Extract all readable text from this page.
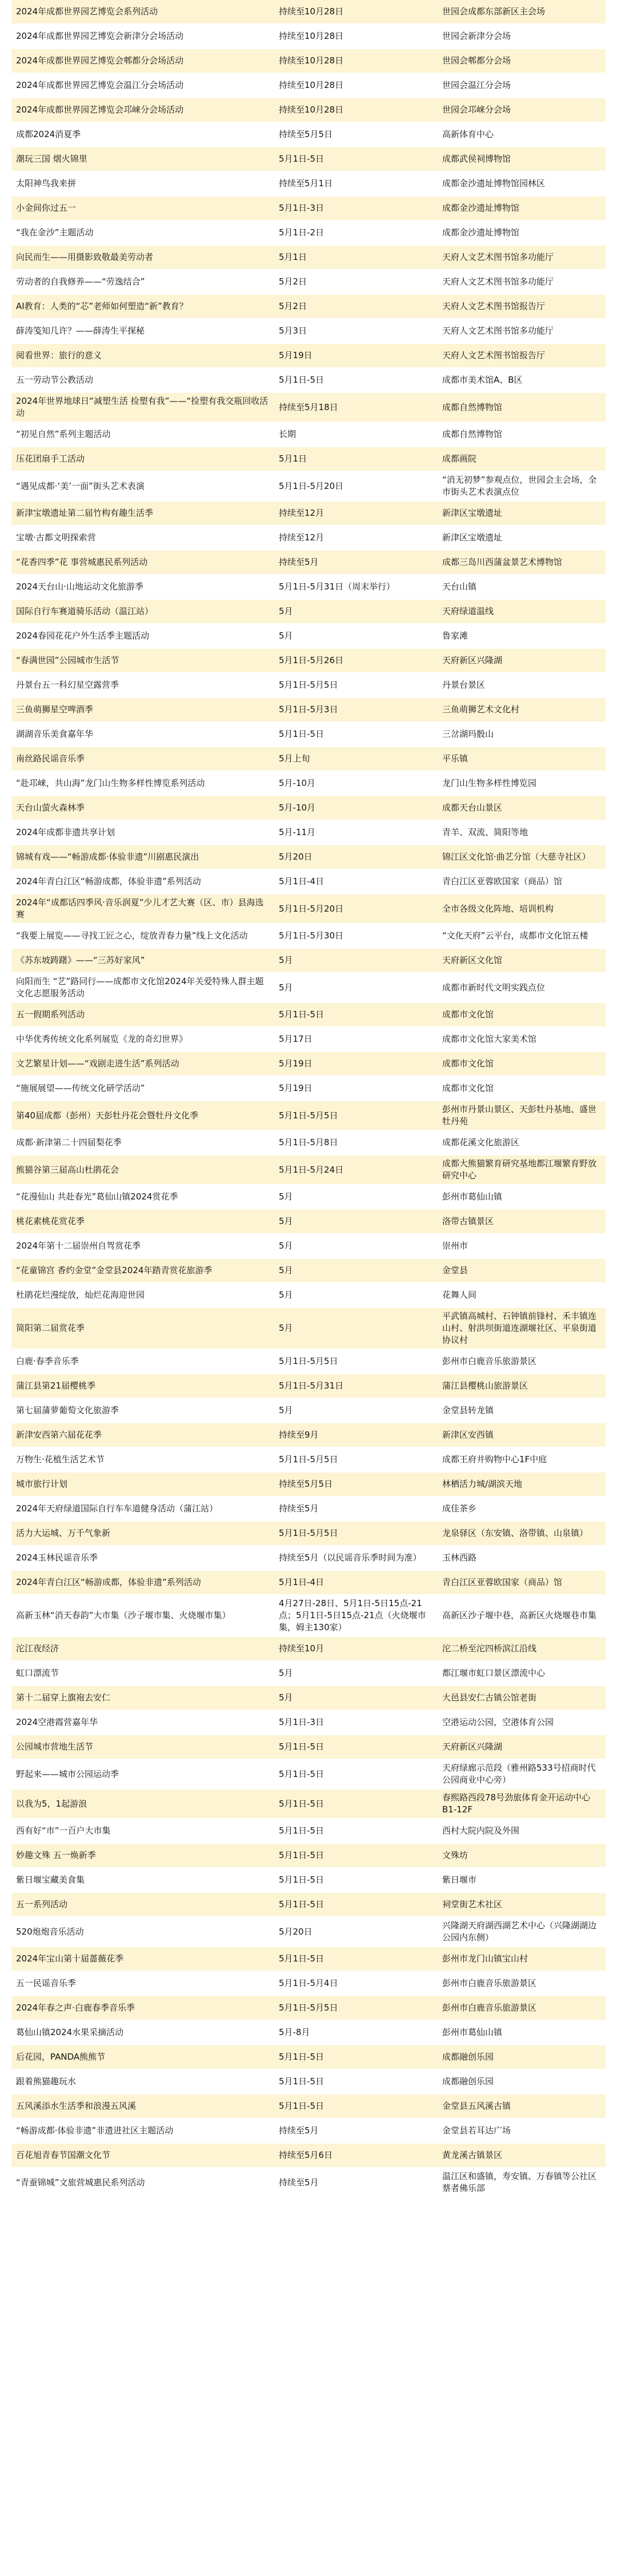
2024年成都世界园艺博览会系列活动	持续至10月28日	世园会成都东部新区主会场
2024年成都世界园艺博览会新津分会场活动	持续至10月28日	世园会新津分会场
2024年成都世界园艺博览会郫都分会场活动	持续至10月28日	世园会郫都分会场
2024年成都世界园艺博览会温江分会场活动	持续至10月28日	世园会温江分会场
2024年成都世界园艺博览会邛崃分会场活动	持续至10月28日	世园会邛崃分会场
成都2024消夏季	持续至5月5日	高新体育中心
潮玩三国 熠火锦里	5月1日-5日	成都武侯祠博物馆
太阳神鸟我来拼	持续至5月1日	成都金沙遗址博物馆园林区
小金间你过五一	5月1日-3日	成都金沙遗址博物馆
“我在金沙”主题活动	5月1日-2日	成都金沙遗址博物馆
向民而生——用摄影致敬最美劳动者	5月1日	天府人文艺术图书馆多功能厅
劳动者的自我修养——“劳逸结合”	5月2日	天府人文艺术图书馆多功能厅
AI教育：人类的“芯”老师如何塑造“新”教育？	5月2日	天府人文艺术图书馆报告厅
薛涛笺知几许？——薛涛生平探秘	5月3日	天府人文艺术图书馆多功能厅
阅看世界：旅行的意义	5月19日	天府人文艺术图书馆报告厅
五一劳动节公教活动	5月1日-5日	成都市美术馆A、B区
2024年世界地球日“减塑生活 捡塑有我”——“捡塑有我交瓶回收活动	持续至5月18日	成都自然博物馆
“初见自然”系列主题活动	长期	成都自然博物馆
压花团扇手工活动	5月1日	成都画院
“遇见成都·‘美’一面”街头艺术表演	5月1日-5月20日	“消无初梦”参观点位，世园会主会场，全市街头艺术表演点位
新津宝墩遗址第二届竹构有趣生活季	持续至12月	新津区宝墩遗址
宝墩·古都文明探索营	持续至12月	新津区宝墩遗址
“花香四季”花 事营城惠民系列活动	持续至5月	成都三岛川西蒲盆景艺术博物馆
2024天台山·山地运动文化旅游季	5月1日-5月31日（周末举行）	天台山镇
国际自行车赛道骑乐活动（温江站）	5月	天府绿道温线
2024春园花花户外生活季主题活动	5月	鲁家滩
“春满世园”公园城市生活节	5月1日-5月26日	天府新区兴隆湖
丹景台五一科幻星空露营季	5月1日-5月5日	丹景台景区
三鱼萌狮星空啤酒季	5月1日-5月3日	三鱼萌狮艺术文化村
湖湖音乐美食嘉年华	5月1日-5日	三岔湖玛骰山
南丝路民谣音乐季	5月上旬	平乐镇
“赴邛崃，共山海”龙门山生物多样性博览系列活动	5月-10月	龙门山生物多样性博览园
天台山萤火森林季	5月-10月	成都天台山景区
2024年成都非遗共享计划	5月-11月	青羊、双流、简阳等地
锦城有戏——“畅游成都·体验非遗”川剧惠民演出	5月20日	锦江区文化馆·曲艺分馆（大慈寺社区）
2024年青白江区“畅游成都，体验非遗”系列活动	5月1日-4日	青白江区亚蓉欧国家（商品）馆
2024年“成都话四季风·音乐润夏”少儿才艺大赛（区、市）县海选赛	5月1日-5月20日	全市各级文化阵地、培训机构
“我要上展览——寻找工匠之心，绽放青春力量”线上文化活动	5月1日-5月30日	“文化天府”云平台，成都市文化馆五楼
《苏东坡踌躇》——“三苏好家风”	5月	天府新区文化馆
向阳而生 “艺”路同行——成都市文化馆2024年关爱特殊人群主题文化志愿服务活动	5月	成都市新时代文明实践点位
五一假期系列活动	5月1日-5日	成都市文化馆
中华优秀传统文化系列展览《龙的奇幻世界》	5月17日	成都市文化馆大家美术馆
文艺繁星计划——“戏剧走进生活”系列活动	5月19日	成都市文化馆
“施展展望——传统文化研学活动”	5月19日	成都市文化馆
第40届成都（彭州）天彭牡丹花会暨牡丹文化季	5月1日-5月5日	彭州市丹景山景区、天彭牡丹基地、盛世牡丹苑
成都·新津第二十四届梨花季	5月1日-5月8日	成都花溪文化旅游区
熊猫谷第三届高山杜鹃花会	5月1日-5月24日	成都大熊猫繁育研究基地都江堰繁育野放研究中心
“花漫仙山 共赴春光”葛仙山镇2024赏花季	5月	彭州市葛仙山镇
桃花素桃花赏花季	5月	洛带古镇景区
2024年第十二届崇州自驾赏花季	5月	崇州市
“花童锦宫 香约金堂”金堂县2024年踏青赏花旅游季	5月	金堂县
杜鹃花烂漫绽放，灿烂花海迎世园	5月	花舞人间
简阳第二届赏花季	5月	平武镇高城村、石钟镇前锋村、禾丰镇连山村、射洪坝街道连湖堰社区、平泉街道协议村
白鹿·春季音乐季	5月1日-5月5日	彭州市白鹿音乐旅游景区
蒲江县第21届樱桃季	5月1日-5月31日	蒲江县樱桃山旅游景区
第七届蒲萝葡萄文化旅游季	5月	金堂县转龙镇
新津安西第六届花花季	持续至9月	新津区安西镇
万物生·花植生活艺术节	5月1日-5月5日	成都王府井购物中心1F中庭
城市旅行计划	持续至5月5日	林栖活力城/湖滨天地
2024年天府绿道国际自行车车道健身活动（蒲江站）	持续至5月	成佳茶乡
活力大运城、万千气象新	5月1日-5月5日	龙泉驿区（东安镇、洛带镇、山泉镇）
2024玉林民谣音乐季	持续至5月（以民谣音乐季时间为准）	玉林西路
2024年青白江区“畅游成都，体验非遗”系列活动	5月1日-4日	青白江区亚蓉欧国家（商品）馆
高新玉林“消天春韵”大市集（沙子堰市集、火烧堰市集）	4月27日-28日、5月1日-5日15点-21点；5月1日-5日15点-21点（火烧堰市集，姆主130家）	高新区沙子堰中巷，高新区火烧堰巷市集
沱江夜经济	持续至10月	沱二桥至沱四桥滨江沿线
虹口漂流节	5月	都江堰市虹口景区漂流中心
第十二届穿上旗袍去安仁	5月	大邑县安仁古镇公馆老街
2024空港霞营嘉年华	5月1日-3日	空港运动公园，空港体育公园
公园城市营地生活节	5月1日-5日	天府新区兴隆湖
野起来——城市公园运动季	5月1日-5日	天府绿廊示范段（雅州路533号招商时代公园商业中心旁）
以我为5，1起游浪	5月1日-5日	春熙路西段78号劲旅体育金开运动中心B1-12F
西有好“市”一百户大市集	5月1日-5日	西村大院内院及外围
妙趣文殊 五一焕新季	5月1日-5日	文殊坊
紫日堰宝藏美食集	5月1日-5日	紫日堰市
五一系列活动	5月1日-5日	祠堂街艺术社区
520炮炮音乐活动	5月20日	兴隆湖天府湖西湖艺术中心（兴隆湖湖边公园内东侧）
2024年宝山第十届蔷薇花季	5月1日-5日	彭州市龙门山镇宝山村
五一民谣音乐季	5月1日-5月4日	彭州市白鹿音乐旅游景区
2024年春之声·白鹿春季音乐季	5月1日-5月5日	彭州市白鹿音乐旅游景区
葛仙山镇2024水果采摘活动	5月-8月	彭州市葛仙山镇
后花园，PANDA熊熊节	5月1日-5日	成都融创乐园
跟着熊猫趣玩水	5月1日-5日	成都融创乐园
五风溪添水生活季和浪漫五风溪	5月1日-5日	金堂县五风溪古镇
“畅游成都·体验非遗”非遗进社区主题活动	持续至5月	金堂县若耳达广场
百花旭青春节国潮文化节	持续至5月6日	黄龙溪古镇景区
“青蚕锦城”文旅营城惠民系列活动	持续至5月	温江区和盛镇，寿安镇、万春镇等公社区蔡者佛乐部
